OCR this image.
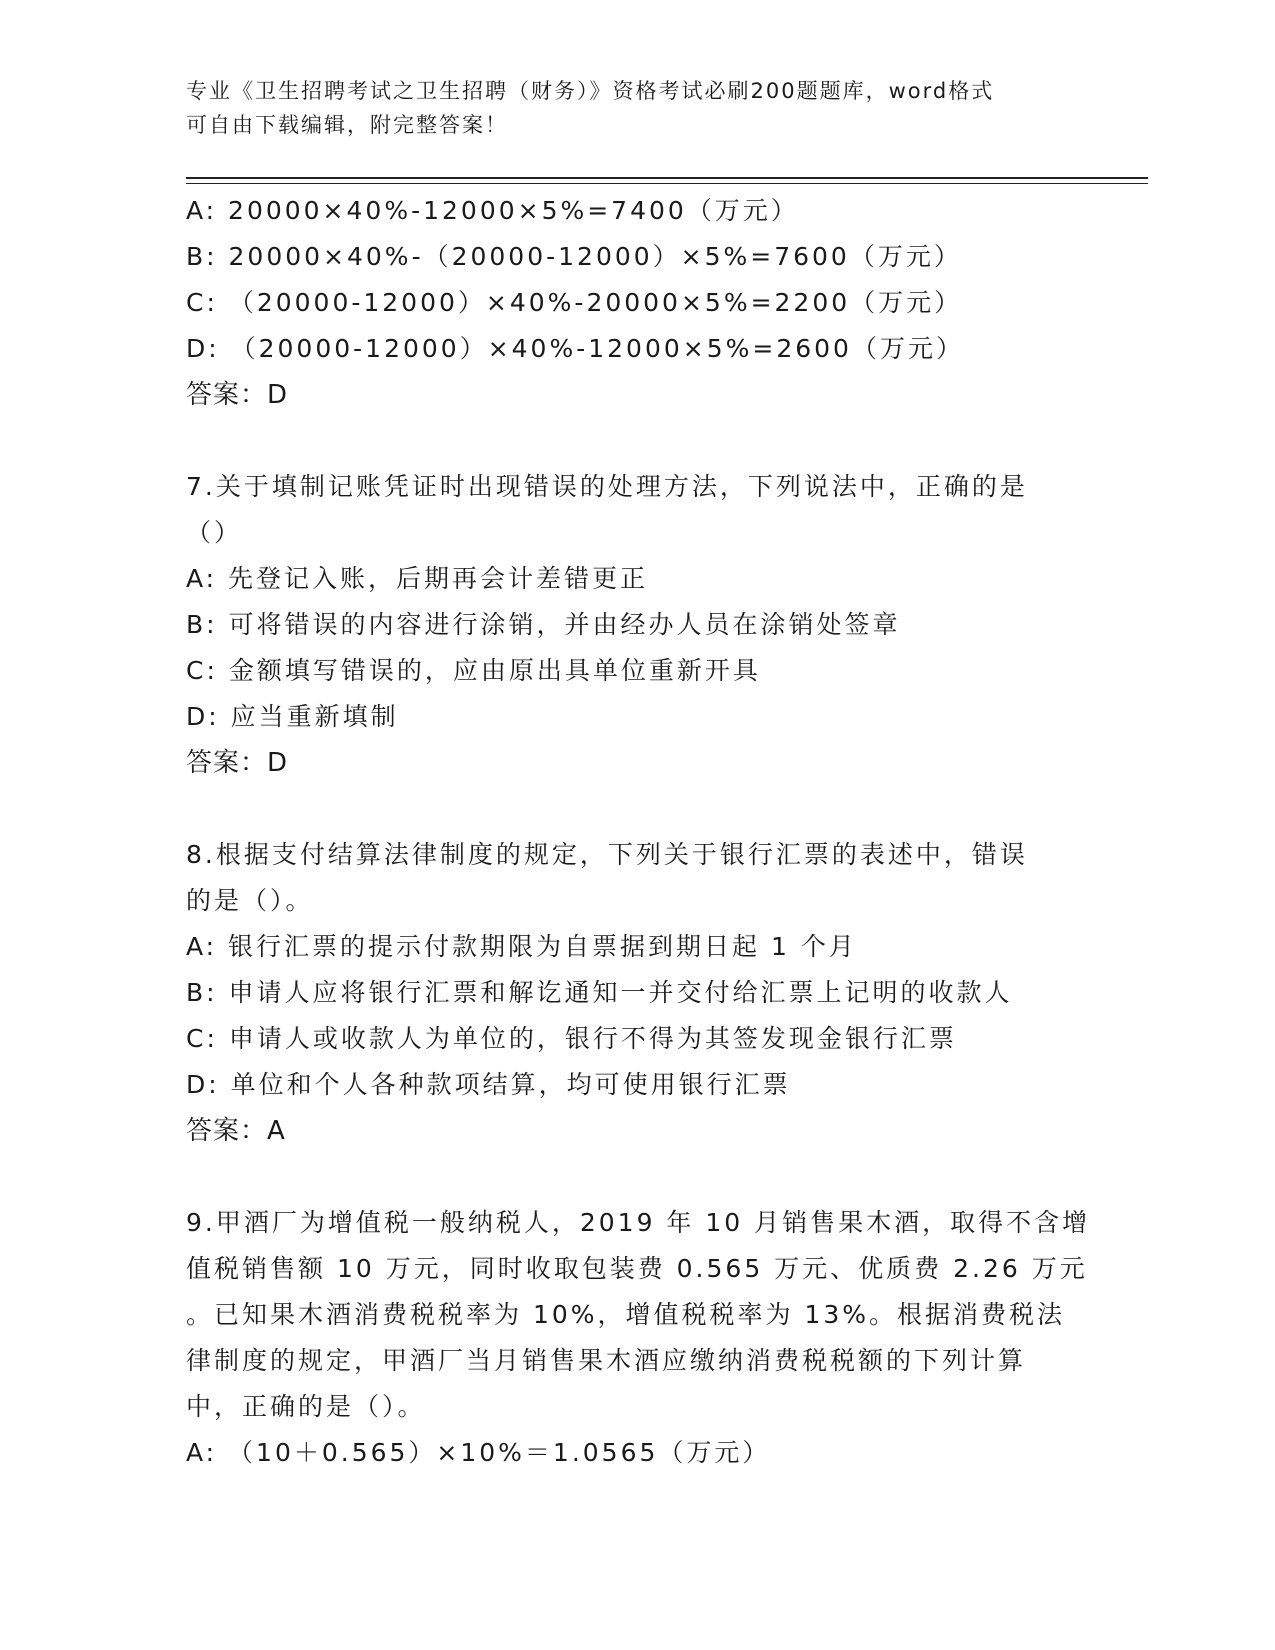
专业《卫生招聘考试之卫生招聘（财务）》资格考试必刷200题题库，word格式
可自由下载编辑，附完整答案！
A: 20000×40%-12000×5%=7400（万元）
B: 20000×40%-（20000-12000）×5%=7600（万元）
C: （20000-12000）×40%-20000×5%=2200（万元）
D: （20000-12000）×40%-12000×5%=2600（万元）
答案：D
7.关于填制记账凭证时出现错误的处理方法，下列说法中，正确的是
（）
A: 先登记入账，后期再会计差错更正
B: 可将错误的内容进行涂销，并由经办人员在涂销处签章
C: 金额填写错误的，应由原出具单位重新开具
D: 应当重新填制
答案：D
8.根据支付结算法律制度的规定，下列关于银行汇票的表述中，错误
的是（）。
A: 银行汇票的提示付款期限为自票据到期日起 1 个月
B: 申请人应将银行汇票和解讫通知一并交付给汇票上记明的收款人
C: 申请人或收款人为单位的，银行不得为其签发现金银行汇票
D: 单位和个人各种款项结算，均可使用银行汇票
答案：A
9.甲酒厂为增值税一般纳税人，2019 年 10 月销售果木酒，取得不含增
值税销售额 10 万元，同时收取包装费 0.565 万元、优质费 2.26 万元
。已知果木酒消费税税率为 10%，增值税税率为 13%。根据消费税法
律制度的规定，甲酒厂当月销售果木酒应缴纳消费税税额的下列计算
中，正确的是（）。
A: （10＋0.565）×10%＝1.0565（万元）
